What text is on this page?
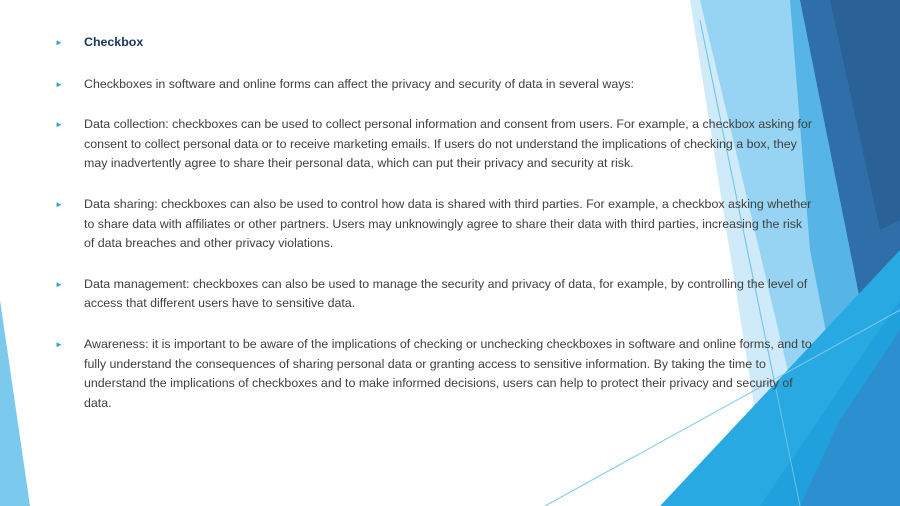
► Checkbox
► Checkboxes in software and online forms can affect the privacy and security of data in several ways:
► Data collection: checkboxes can be used to collect personal information and consent from users. For example, a checkbox asking for consent to collect personal data or to receive marketing emails. If users do not understand the implications of checking a box, they may inadvertently agree to share their personal data, which can put their privacy and security at risk.
► Data sharing: checkboxes can also be used to control how data is shared with third parties. For example, a checkbox asking whether to share data with affiliates or other partners. Users may unknowingly agree to share their data with third parties, increasing the risk of data breaches and other privacy violations.
► Data management: checkboxes can also be used to manage the security and privacy of data, for example, by controlling the level of access that different users have to sensitive data.
► Awareness: it is important to be aware of the implications of checking or unchecking checkboxes in software and online forms, and to fully understand the consequences of sharing personal data or granting access to sensitive information. By taking the time to understand the implications of checkboxes and to make informed decisions, users can help to protect their privacy and security of data.
